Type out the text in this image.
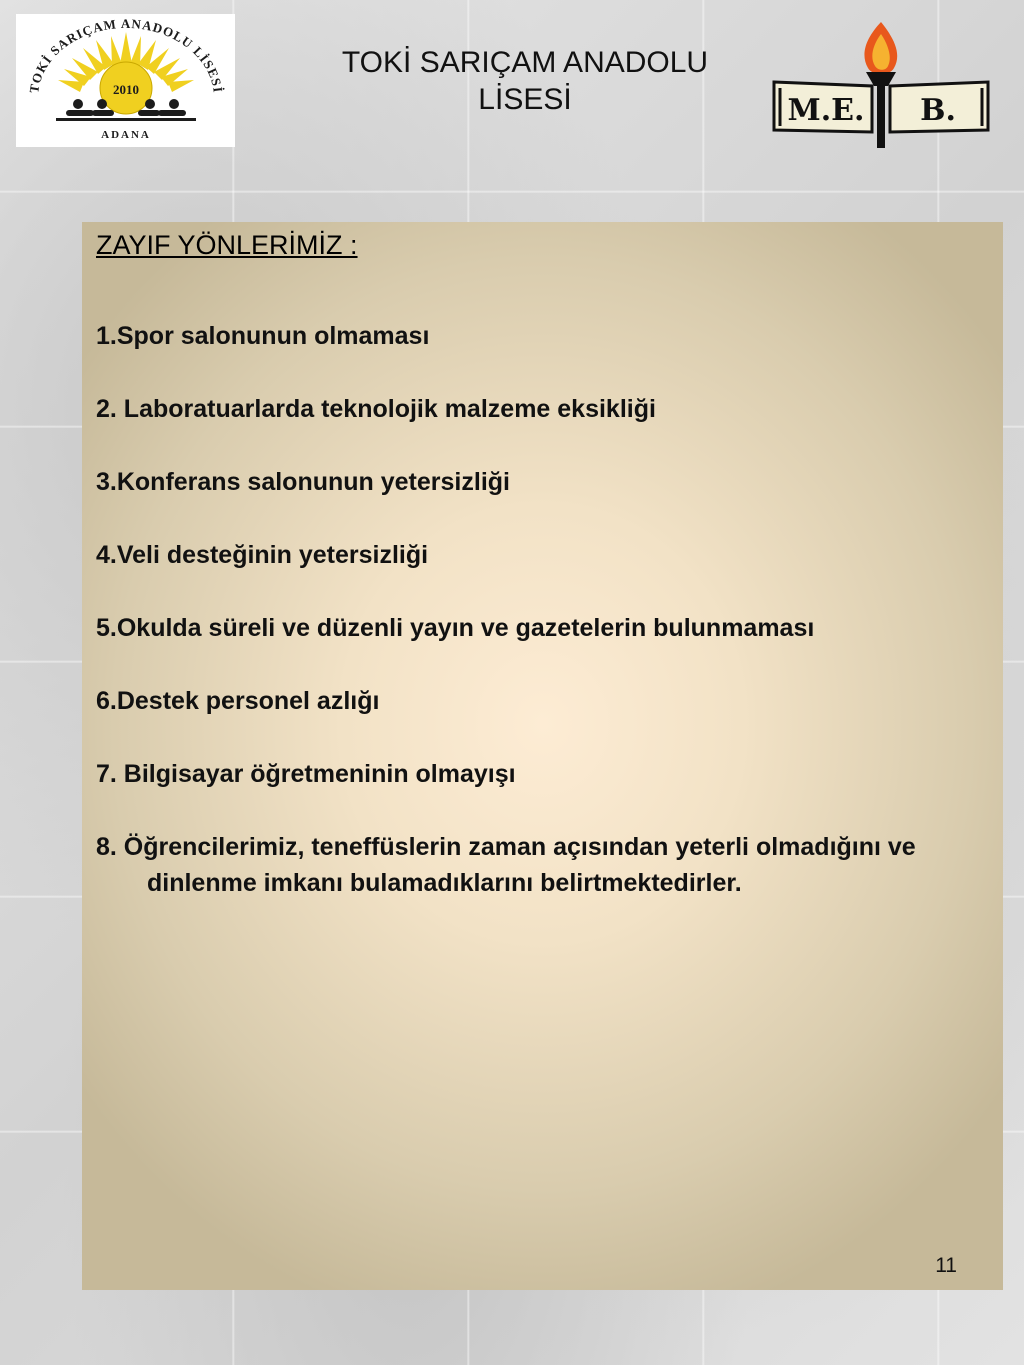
TOKİ SARIÇAM ANADOLU LİSESİ
2010
ADANA
TOKİ SARIÇAM ANADOLU
LİSESİ	M.E. B.
ZAYIF YÖNLERİMİZ :

1.Spor salonunun olmaması

2. Laboratuarlarda teknolojik malzeme eksikliği

3.Konferans salonunun yetersizliği

4.Veli desteğinin yetersizliği

5.Okulda süreli ve düzenli yayın ve gazetelerin bulunmaması

6.Destek personel azlığı

7. Bilgisayar öğretmeninin olmayışı

8. Öğrencilerimiz, teneffüslerin zaman açısından yeterli olmadığını ve dinlenme imkanı bulamadıklarını belirtmektedirler.

11
